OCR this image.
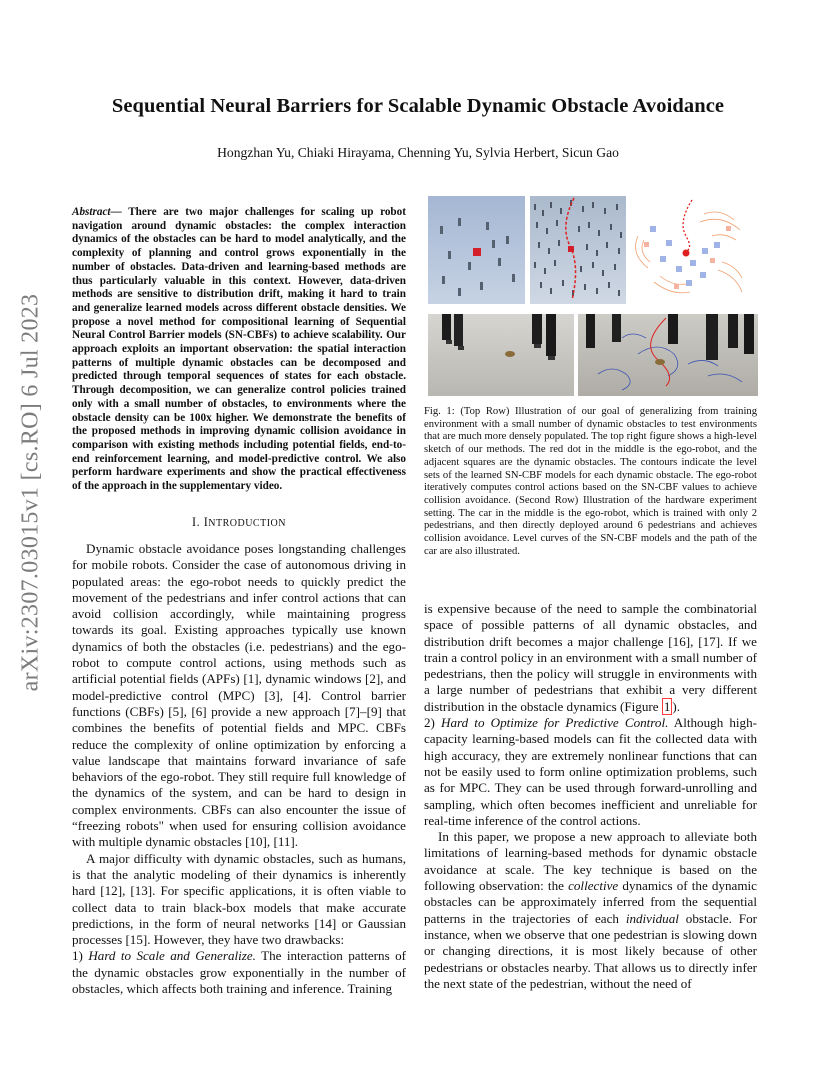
arXiv:2307.03015v1 [cs.RO] 6 Jul 2023
Sequential Neural Barriers for Scalable Dynamic Obstacle Avoidance
Hongzhan Yu, Chiaki Hirayama, Chenning Yu, Sylvia Herbert, Sicun Gao
Abstract— There are two major challenges for scaling up robot navigation around dynamic obstacles: the complex interaction dynamics of the obstacles can be hard to model analytically, and the complexity of planning and control grows exponentially in the number of obstacles. Data-driven and learning-based methods are thus particularly valuable in this context. However, data-driven methods are sensitive to distribution drift, making it hard to train and generalize learned models across different obstacle densities. We propose a novel method for compositional learning of Sequential Neural Control Barrier models (SN-CBFs) to achieve scalability. Our approach exploits an important observation: the spatial interaction patterns of multiple dynamic obstacles can be decomposed and predicted through temporal sequences of states for each obstacle. Through decomposition, we can generalize control policies trained only with a small number of obstacles, to environments where the obstacle density can be 100x higher. We demonstrate the benefits of the proposed methods in improving dynamic collision avoidance in comparison with existing methods including potential fields, end-to-end reinforcement learning, and model-predictive control. We also perform hardware experiments and show the practical effectiveness of the approach in the supplementary video.
I. INTRODUCTION

Dynamic obstacle avoidance poses longstanding challenges for mobile robots. Consider the case of autonomous driving in populated areas: the ego-robot needs to quickly predict the movement of the pedestrians and infer control actions that can avoid collision accordingly, while maintaining progress towards its goal. Existing approaches typically use known dynamics of both the obstacles (i.e. pedestrians) and the ego-robot to compute control actions, using methods such as artificial potential fields (APFs) [1], dynamic windows [2], and model-predictive control (MPC) [3], [4]. Control barrier functions (CBFs) [5], [6] provide a new approach [7]–[9] that combines the benefits of potential fields and MPC. CBFs reduce the complexity of online optimization by enforcing a value landscape that maintains forward invariance of safe behaviors of the ego-robot. They still require full knowledge of the dynamics of the system, and can be hard to design in complex environments. CBFs can also encounter the issue of “freezing robots" when used for ensuring collision avoidance with multiple dynamic obstacles [10], [11].

A major difficulty with dynamic obstacles, such as humans, is that the analytic modeling of their dynamics is inherently hard [12], [13]. For specific applications, it is often viable to collect data to train black-box models that make accurate predictions, in the form of neural networks [14] or Gaussian processes [15]. However, they have two drawbacks:

1) Hard to Scale and Generalize. The interaction patterns of the dynamic obstacles grow exponentially in the number of obstacles, which affects both training and inference. Training

Fig. 1: (Top Row) Illustration of our goal of generalizing from training environment with a small number of dynamic obstacles to test environments that are much more densely populated. The top right figure shows a high-level sketch of our methods. The red dot in the middle is the ego-robot, and the adjacent squares are the dynamic obstacles. The contours indicate the level sets of the learned SN-CBF models for each dynamic obstacle. The ego-robot iteratively computes control actions based on the SN-CBF values to achieve collision avoidance. (Second Row) Illustration of the hardware experiment setting. The car in the middle is the ego-robot, which is trained with only 2 pedestrians, and then directly deployed around 6 pedestrians and achieves collision avoidance. Level curves of the SN-CBF models and the path of the car are also illustrated.

is expensive because of the need to sample the combinatorial space of possible patterns of all dynamic obstacles, and distribution drift becomes a major challenge [16], [17]. If we train a control policy in an environment with a small number of pedestrians, then the policy will struggle in environments with a large number of pedestrians that exhibit a very different distribution in the obstacle dynamics (Figure 1 ).

2) Hard to Optimize for Predictive Control. Although high-capacity learning-based models can fit the collected data with high accuracy, they are extremely nonlinear functions that can not be easily used to form online optimization problems, such as for MPC. They can be used through forward-unrolling and sampling, which often becomes inefficient and unreliable for real-time inference of the control actions.

In this paper, we propose a new approach to alleviate both limitations of learning-based methods for dynamic obstacle avoidance at scale. The key technique is based on the following observation: the collective dynamics of the dynamic obstacles can be approximately inferred from the sequential patterns in the trajectories of each individual obstacle. For instance, when we observe that one pedestrian is slowing down or changing directions, it is most likely because of other pedestrians or obstacles nearby. That allows us to directly infer the next state of the pedestrian, without the need of
